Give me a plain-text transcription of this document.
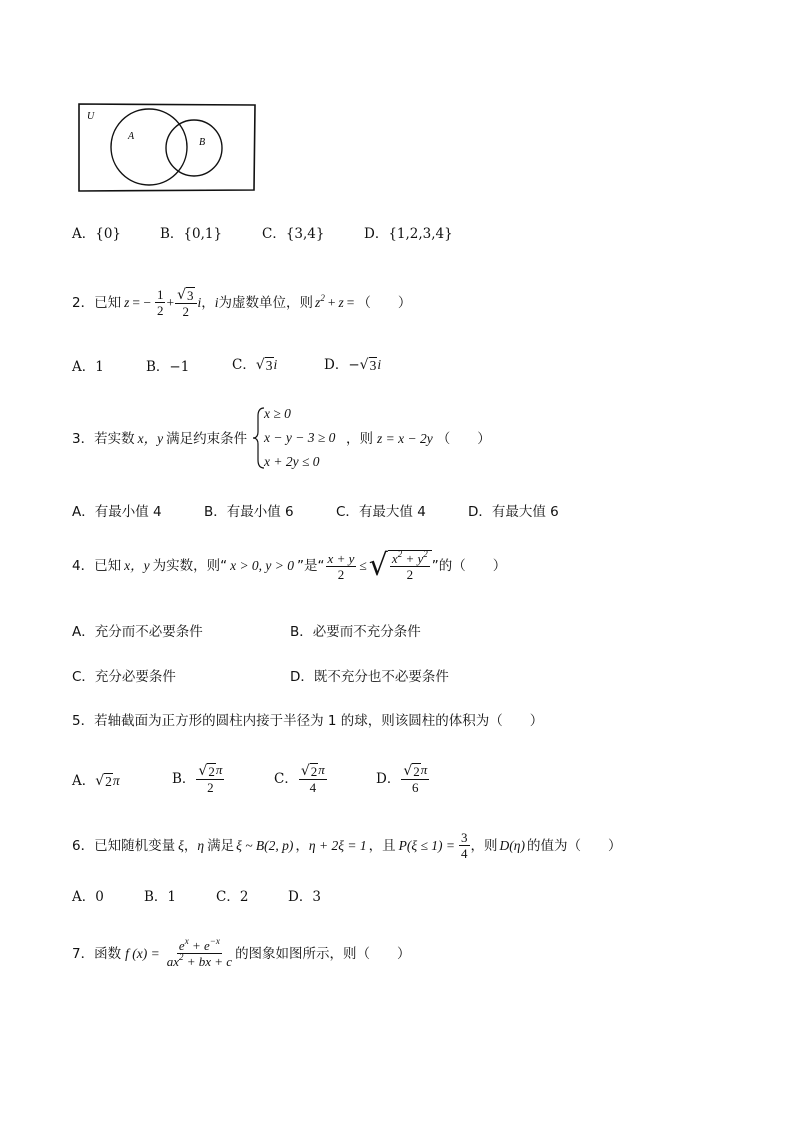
U
A
B
A．{0}	B．{0,1}	C．{3,4}	D．{1,2,3,4}
2．已知 z = − $\frac{1}{2} + \frac{√ 3}{2}$ i ， i 为虚数单位，则 $z^2 + z$ = （　　）
A．1	B．−1	C． √ 3 i	D．− √ 3 i
3．若实数 x，y 满足约束条件
x ≥ 0
x − y − 3 ≥ 0
x + 2y ≤ 0
，则 z = x − 2y （　　）
A．有最小值 4	B．有最小值 6	C．有最大值 4	D．有最大值 6
4．已知 x，y 为实数，则“ x > 0, y > 0 ”是“ $\frac{x + y}{2}$ ≤ √ $\frac{x^2 + y^2}{2}$ ”的（　　）
A．充分而不必要条件	B．必要而不充分条件
C．充分必要条件	D．既不充分也不必要条件
5．若轴截面为正方形的圆柱内接于半径为 1 的球，则该圆柱的体积为（　　）
A． √ 2 π	B． $\frac{√ 2 \pi}{2}$	C． $\frac{√ 2 \pi}{4}$	D． $\frac{√ 2 \pi}{6}$
6．已知随机变量 ξ ， η 满足 ξ ~ B(2, p) ， η + 2ξ = 1 ，且 $P(\xi \le 1) = \frac{3}{4}$ ，则 D(η) 的值为（　　）
A．0	B．1	C．2	D．3
7．函数 f $(x) = \frac{e^x + e^{-x}}{ax^2 + bx + c}$ 的图象如图所示，则（　　）
